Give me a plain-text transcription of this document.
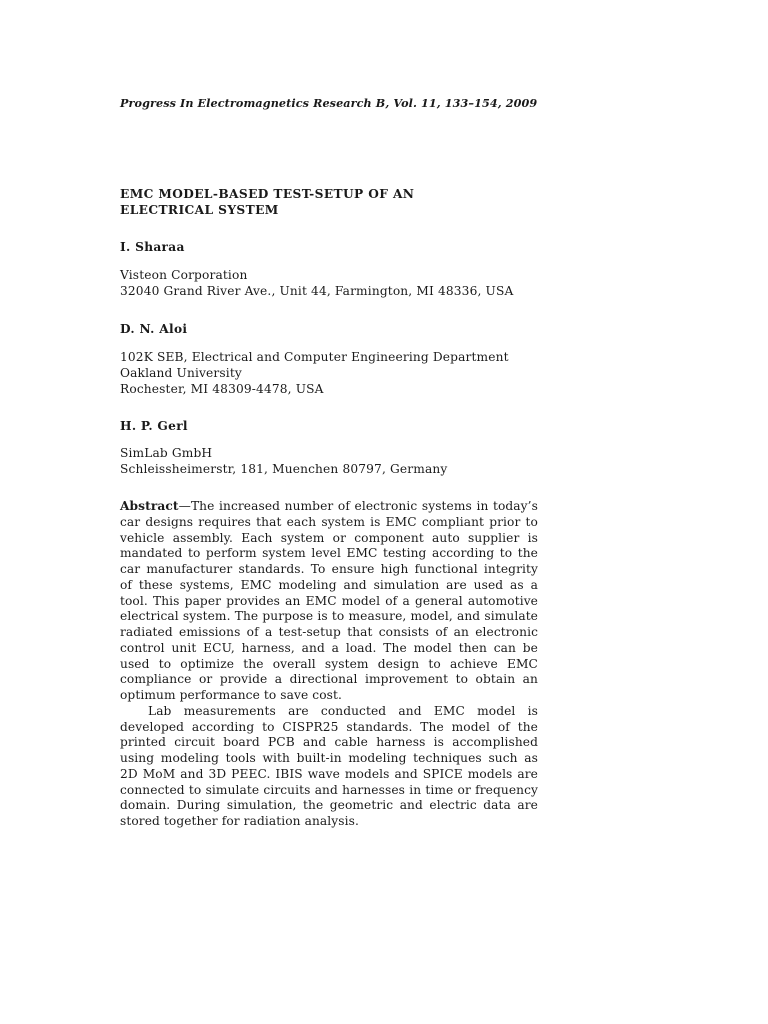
Progress In Electromagnetics Research B, Vol. 11, 133–154, 2009
EMC MODEL-BASED TEST-SETUP OF AN
ELECTRICAL SYSTEM
I. Sharaa
Visteon Corporation
32040 Grand River Ave., Unit 44, Farmington, MI 48336, USA
D. N. Aloi
102K SEB, Electrical and Computer Engineering Department
Oakland University
Rochester, MI 48309-4478, USA
H. P. Gerl
SimLab GmbH
Schleissheimerstr, 181, Muenchen 80797, Germany

Abstract—The increased number of electronic systems in today’s car designs requires that each system is EMC compliant prior to vehicle assembly. Each system or component auto supplier is mandated to perform system level EMC testing according to the car manufacturer standards. To ensure high functional integrity of these systems, EMC modeling and simulation are used as a tool. This paper provides an EMC model of a general automotive electrical system. The purpose is to measure, model, and simulate radiated emissions of a test-setup that consists of an electronic control unit ECU, harness, and a load. The model then can be used to optimize the overall system design to achieve EMC compliance or provide a directional improvement to obtain an optimum performance to save cost.

Lab measurements are conducted and EMC model is developed according to CISPR25 standards. The model of the printed circuit board PCB and cable harness is accomplished using modeling tools with built-in modeling techniques such as 2D MoM and 3D PEEC. IBIS wave models and SPICE models are connected to simulate circuits and harnesses in time or frequency domain. During simulation, the geometric and electric data are stored together for radiation analysis.
